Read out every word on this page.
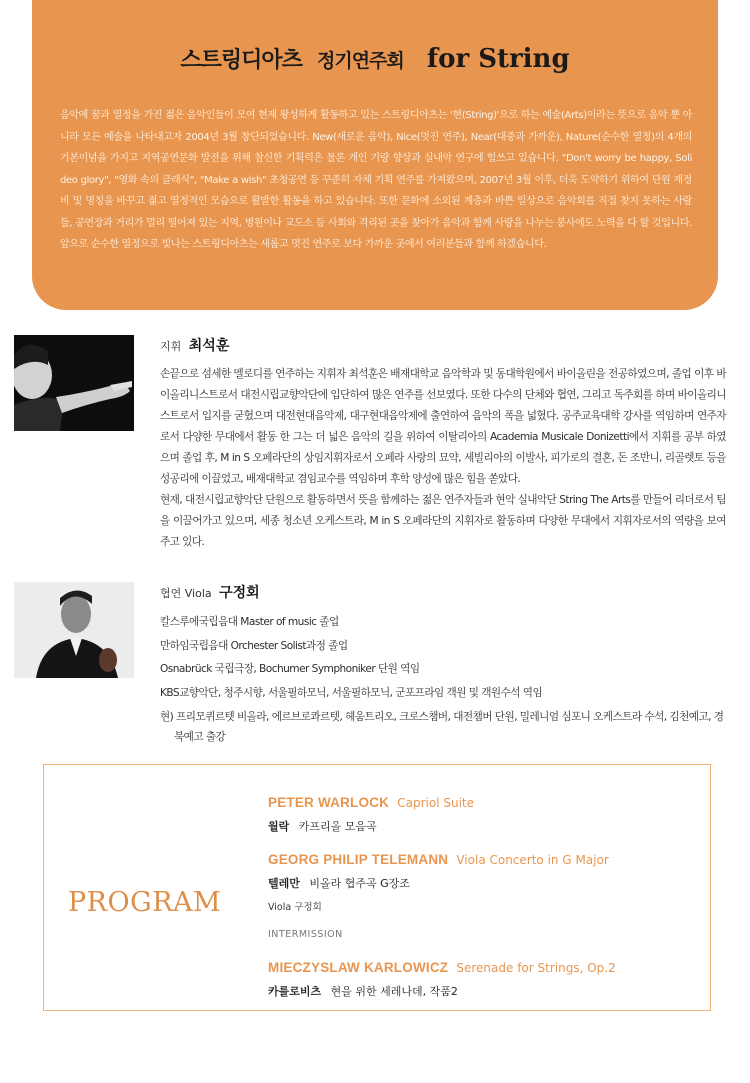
스트링디아츠 정기연주회 for String

음악에 꿈과 열정을 가진 젊은 음악인들이 모여 현재 왕성하게 활동하고 있는 스트링디아츠는 '현(String)'으로 하는 예술(Arts)이라는 뜻으로 음악 뿐 아니라 모든 예술을 나타내고자 2004년 3월 창단되었습니다. New(새로운 음악), Nice(멋진 연주), Near(대중과 가까운), Nature(순수한 열정)의 4개의 기본이념을 가지고 지역공연문화 발전을 위해 참신한 기획력은 물론 개인 기량 향상과 실내악 연구에 힘쓰고 있습니다. "Don't worry be happy, Soli deo glory", "영화 속의 클래식", "Make a wish" 초청공연 등 꾸준히 자체 기획 연주를 가져왔으며, 2007년 3월 이후, 더욱 도약하기 위하여 단원 재정비 및 명칭을 바꾸고 젊고 열정적인 모습으로 활발한 활동을 하고 있습니다. 또한 문화에 소외된 계층과 바쁜 일상으로 음악회를 직접 찾지 못하는 사람들, 공연장과 거리가 멀리 떨어져 있는 지역, 병원이나 교도소 등 사회와 격리된 곳을 찾아가 음악과 함께 사랑을 나누는 봉사에도 노력을 다 할 것입니다. 앞으로 순수한 열정으로 빛나는 스트링디아츠는 새롭고 멋진 연주로 보다 가까운 곳에서 여러분들과 함께 하겠습니다.

지휘 최석훈

손끝으로 섬세한 멜로디를 연주하는 지휘자 최석훈은 배재대학교 음악학과 및 동대학원에서 바이올린을 전공하였으며, 졸업 이후 바이올리니스트로서 대전시립교향악단에 입단하여 많은 연주를 선보였다. 또한 다수의 단체와 협연, 그리고 독주회를 하며 바이올리니스트로서 입지를 굳혔으며 대전현대음악제, 대구현대음악제에 출연하여 음악의 폭을 넓혔다. 공주교육대학 강사를 역임하며 연주자로서 다양한 무대에서 활동 한 그는 더 넓은 음악의 길을 위하여 이탈리아의 Academia Musicale Donizetti에서 지휘를 공부 하였으며 졸업 후, M in S 오페라단의 상임지휘자로서 오페라 사랑의 묘약, 세빌리아의 이발사, 피가로의 결혼, 돈 조반니, 리골렛토 등을 성공리에 이끌었고, 배재대학교 겸임교수를 역임하며 후학 양성에 많은 힘을 쏟았다.

현재, 대전시립교향악단 단원으로 활동하면서 뜻을 함께하는 젊은 연주자들과 현악 실내악단 String The Arts를 만들어 리더로서 팀을 이끌어가고 있으며, 세종 청소년 오케스트라, M in S 오페라단의 지휘자로 활동하며 다양한 무대에서 지휘자로서의 역량을 보여주고 있다.

협연 Viola 구정회
칼스루에국립음대 Master of music 졸업
만하임국립음대 Orchester Solist과정 졸업
Osnabrück 국립극장, Bochumer Symphoniker 단원 역임
KBS교향악단, 청주시향, 서울필하모닉, 서울필하모닉, 군포프라임 객원 및 객원수석 역임
현) 프리모퀴르텟 비올라, 에르브로콰르텟, 헤움트리오, 크로스챔버, 대전챔버 단원, 밀레니엄 심포니 오케스트라 수석, 김천예고, 경북예고 출강
PROGRAM
PETER WARLOCK Capriol Suite
월락 카프리올 모음곡
GEORG PHILIP TELEMANN Viola Concerto in G Major
텔레만 비올라 협주곡 G장조
Viola 구정회
INTERMISSION
MIECZYSLAW KARLOWICZ Serenade for Strings, Op.2
카를로비츠 현을 위한 세레나데, 작품2
